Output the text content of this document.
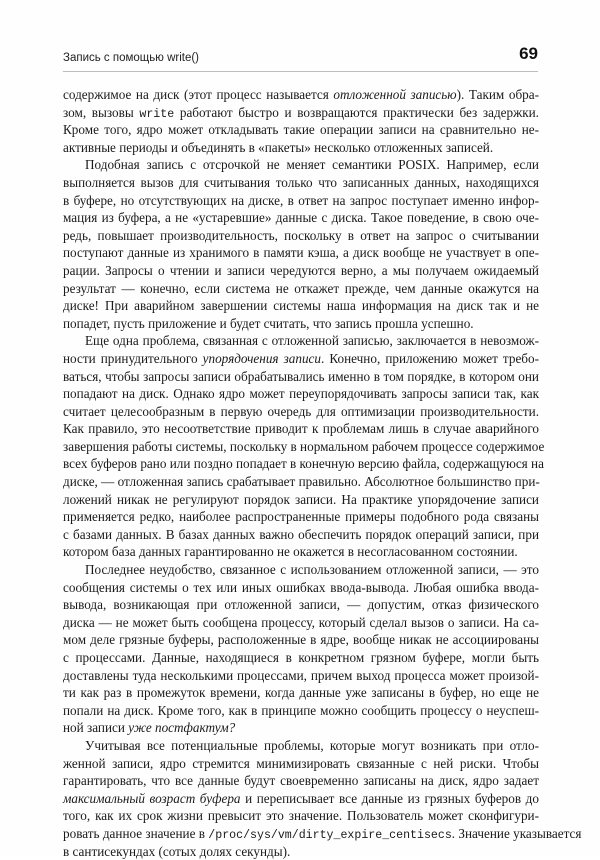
Запись с помощью write()	69
содержимое на диск (этот процесс называется отложенной записью). Таким обра-
зом, вызовы write работают быстро и возвращаются практически без задержки.
Кроме того, ядро может откладывать такие операции записи на сравнительно не-
активные периоды и объединять в «пакеты» несколько отложенных записей.
Подобная запись с отсрочкой не меняет семантики POSIX. Например, если
выполняется вызов для считывания только что записанных данных, находящихся
в буфере, но отсутствующих на диске, в ответ на запрос поступает именно инфор-
мация из буфера, а не «устаревшие» данные с диска. Такое поведение, в свою оче-
редь, повышает производительность, поскольку в ответ на запрос о считывании
поступают данные из хранимого в памяти кэша, а диск вообще не участвует в опе-
рации. Запросы о чтении и записи чередуются верно, а мы получаем ожидаемый
результат — конечно, если система не откажет прежде, чем данные окажутся на
диске! При аварийном завершении системы наша информация на диск так и не
попадет, пусть приложение и будет считать, что запись прошла успешно.
Еще одна проблема, связанная с отложенной записью, заключается в невозмож-
ности принудительного упорядочения записи. Конечно, приложению может требо-
ваться, чтобы запросы записи обрабатывались именно в том порядке, в котором они
попадают на диск. Однако ядро может переупорядочивать запросы записи так, как
считает целесообразным в первую очередь для оптимизации производительности.
Как правило, это несоответствие приводит к проблемам лишь в случае аварийного
завершения работы системы, поскольку в нормальном рабочем процессе содержимое
всех буферов рано или поздно попадает в конечную версию файла, содержащуюся на
диске, — отложенная запись срабатывает правильно. Абсолютное большинство при-
ложений никак не регулируют порядок записи. На практике упорядочение записи
применяется редко, наиболее распространенные примеры подобного рода связаны
с базами данных. В базах данных важно обеспечить порядок операций записи, при
котором база данных гарантированно не окажется в несогласованном состоянии.
Последнее неудобство, связанное с использованием отложенной записи, — это
сообщения системы о тех или иных ошибках ввода-вывода. Любая ошибка ввода-
вывода, возникающая при отложенной записи, — допустим, отказ физического
диска — не может быть сообщена процессу, который сделал вызов о записи. На са-
мом деле грязные буферы, расположенные в ядре, вообще никак не ассоциированы
с процессами. Данные, находящиеся в конкретном грязном буфере, могли быть
доставлены туда несколькими процессами, причем выход процесса может произой-
ти как раз в промежуток времени, когда данные уже записаны в буфер, но еще не
попали на диск. Кроме того, как в принципе можно сообщить процессу о неуспеш-
ной записи уже постфактум?
Учитывая все потенциальные проблемы, которые могут возникать при отло-
женной записи, ядро стремится минимизировать связанные с ней риски. Чтобы
гарантировать, что все данные будут своевременно записаны на диск, ядро задает
максимальный возраст буфера и переписывает все данные из грязных буферов до
того, как их срок жизни превысит это значение. Пользователь может сконфигури-
ровать данное значение в /proc/sys/vm/dirty_expire_centisecs. Значение указывается
в сантисекундах (сотых долях секунды).
